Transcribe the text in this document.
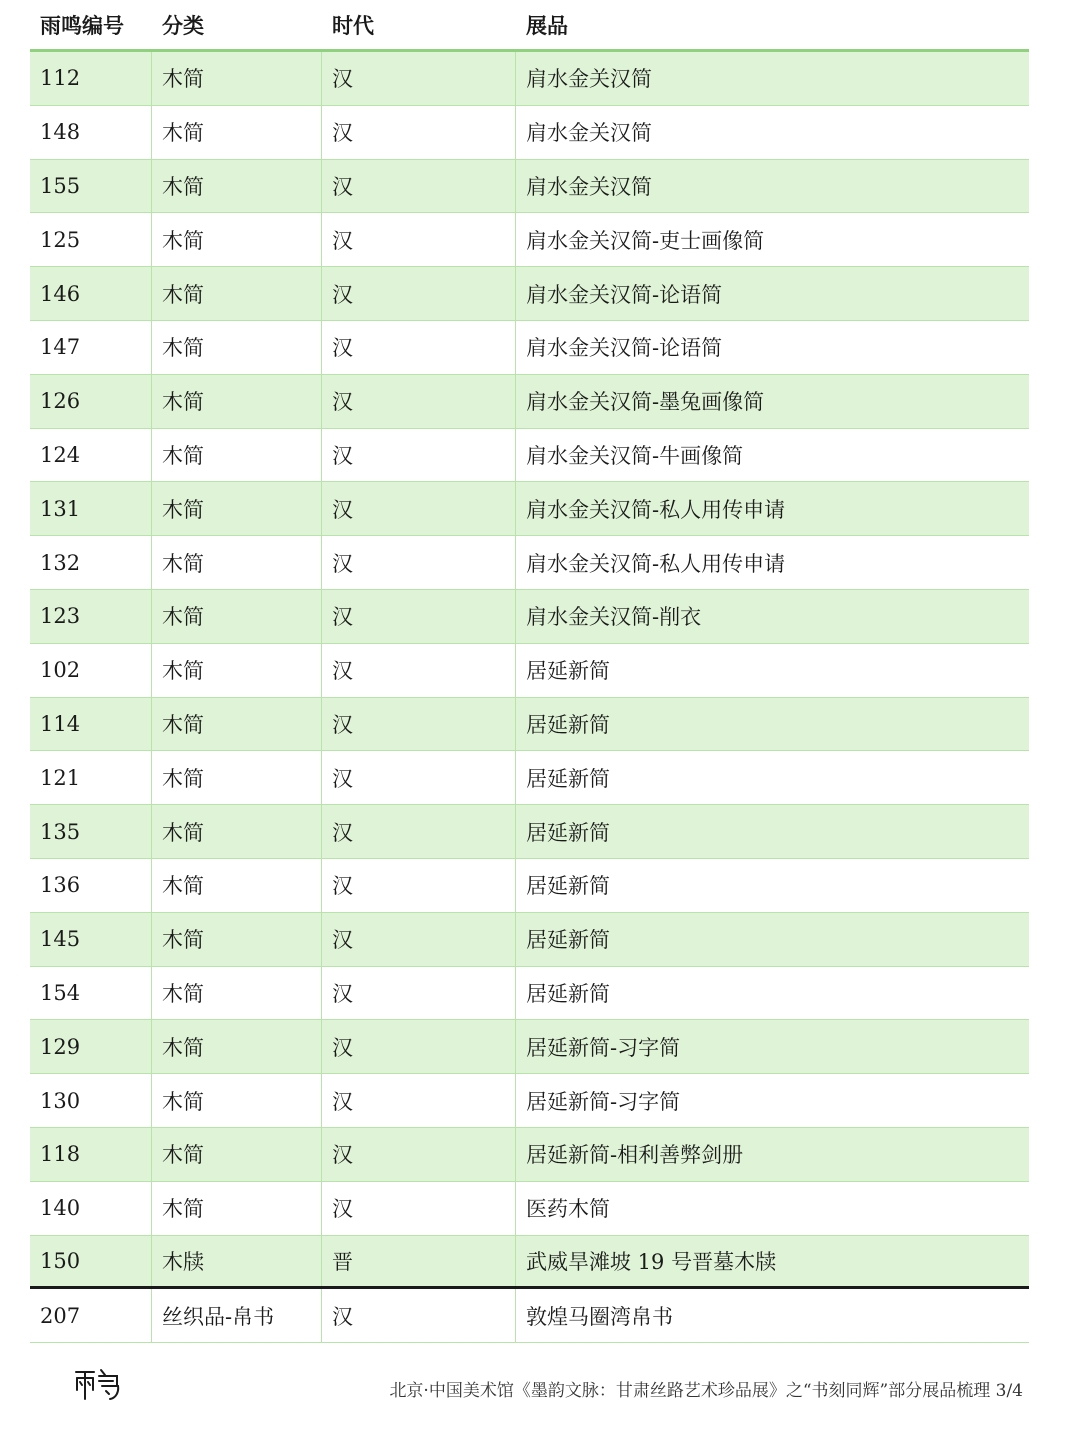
雨鸣编号	分类	时代	展品
112	木简	汉	肩水金关汉简
148	木简	汉	肩水金关汉简
155	木简	汉	肩水金关汉简
125	木简	汉	肩水金关汉简-吏士画像简
146	木简	汉	肩水金关汉简-论语简
147	木简	汉	肩水金关汉简-论语简
126	木简	汉	肩水金关汉简-墨兔画像简
124	木简	汉	肩水金关汉简-牛画像简
131	木简	汉	肩水金关汉简-私人用传申请
132	木简	汉	肩水金关汉简-私人用传申请
123	木简	汉	肩水金关汉简-削衣
102	木简	汉	居延新简
114	木简	汉	居延新简
121	木简	汉	居延新简
135	木简	汉	居延新简
136	木简	汉	居延新简
145	木简	汉	居延新简
154	木简	汉	居延新简
129	木简	汉	居延新简-习字简
130	木简	汉	居延新简-习字简
118	木简	汉	居延新简-相利善弊剑册
140	木简	汉	医药木简
150	木牍	晋	武威旱滩坡 19 号晋墓木牍
207	丝织品-帛书	汉	敦煌马圈湾帛书
北京·中国美术馆《墨韵文脉：甘肃丝路艺术珍品展》之“书刻同辉”部分展品梳理 3/4
